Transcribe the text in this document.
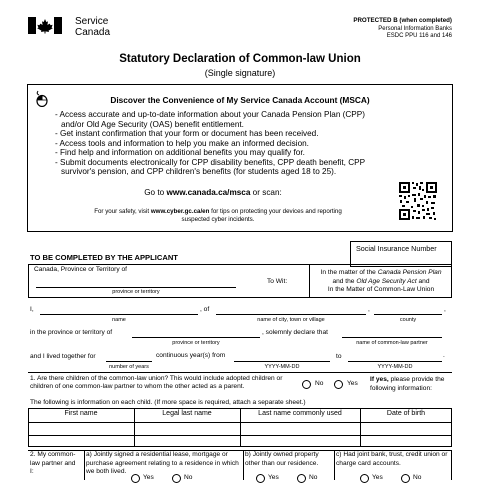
Service
Canada
PROTECTED B (when completed)
Personal Information Banks
ESDC PPU 116 and 146
Statutory Declaration of Common-law Union
(Single signature)
Discover the Convenience of My Service Canada Account (MSCA)
- Access accurate and up-to-date information about your Canada Pension Plan (CPP) and/or Old Age Security (OAS) benefit entitlement.
- Get instant confirmation that your form or document has been received.
- Access tools and information to help you make an informed decision.
- Find help and information on additional benefits you may qualify for.
- Submit documents electronically for CPP disability benefits, CPP death benefit, CPP survivor's pension, and CPP children's benefits (for students aged 18 to 25).
Go to www.canada.ca/msca or scan:
For your safety, visit www.cyber.gc.ca/en for tips on protecting your devices and reporting suspected cyber incidents.
Social Insurance Number
TO BE COMPLETED BY THE APPLICANT
Canada, Province or Territory of
province or territory
To Wit:
In the matter of the Canada Pension Plan
and the Old Age Security Act and
In the Matter of Common-Law Union
I,
name
, of
name of city, town or village
,
county
,
in the province or territory of
province or territory
, solemnly declare that
name of common-law partner
and I lived together for
number of years
continuous year(s) from
YYYY-MM-DD
to
YYYY-MM-DD
.
1. Are there children of the common-law union? This would include adopted children or children of one common-law partner to whom the other acted as a parent.	No	Yes
If yes, please provide the following information:
The following is information on each child. (If more space is required, attach a separate sheet.)
First name	Legal last name	Last name commonly used	Date of birth
2. My common-law partner and I:
a) Jointly signed a residential lease, mortgage or purchase agreement relating to a residence in which we both lived.
b) Jointly owned property other than our residence.
c) Had joint bank, trust, credit union or charge card accounts.
Yes	No	Yes	No	Yes	No
